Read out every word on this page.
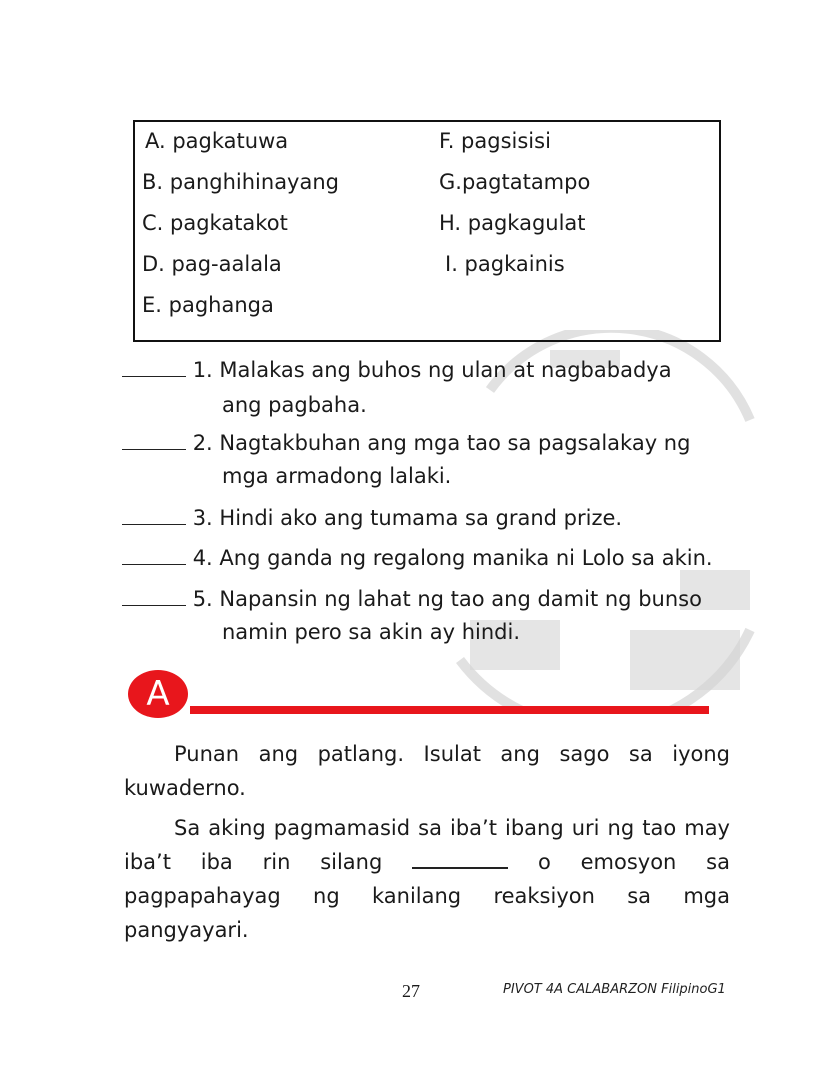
A. pagkatuwa
B. panghihinayang
C. pagkatakot
D. pag-aalala
E. paghanga
F. pagsisisi
G.pagtatampo
H. pagkagulat
I. pagkainis
1. Malakas ang buhos ng ulan at nagbabadya
ang pagbaha.
2. Nagtakbuhan ang mga tao sa pagsalakay ng
mga armadong lalaki.
3. Hindi ako ang tumama sa grand prize.
4. Ang ganda ng regalong manika ni Lolo sa akin.
5. Napansin ng lahat ng tao ang damit ng bunso
namin pero sa akin ay hindi.
A
Punan ang patlang. Isulat ang sago sa iyong kuwaderno.
Sa aking pagmamasid sa iba’t ibang uri ng tao may iba’t iba rin silang	o emosyon sa pagpapahayag ng kanilang reaksiyon sa mga pangyayari.
27	PIVOT 4A CALABARZON FilipinoG1
